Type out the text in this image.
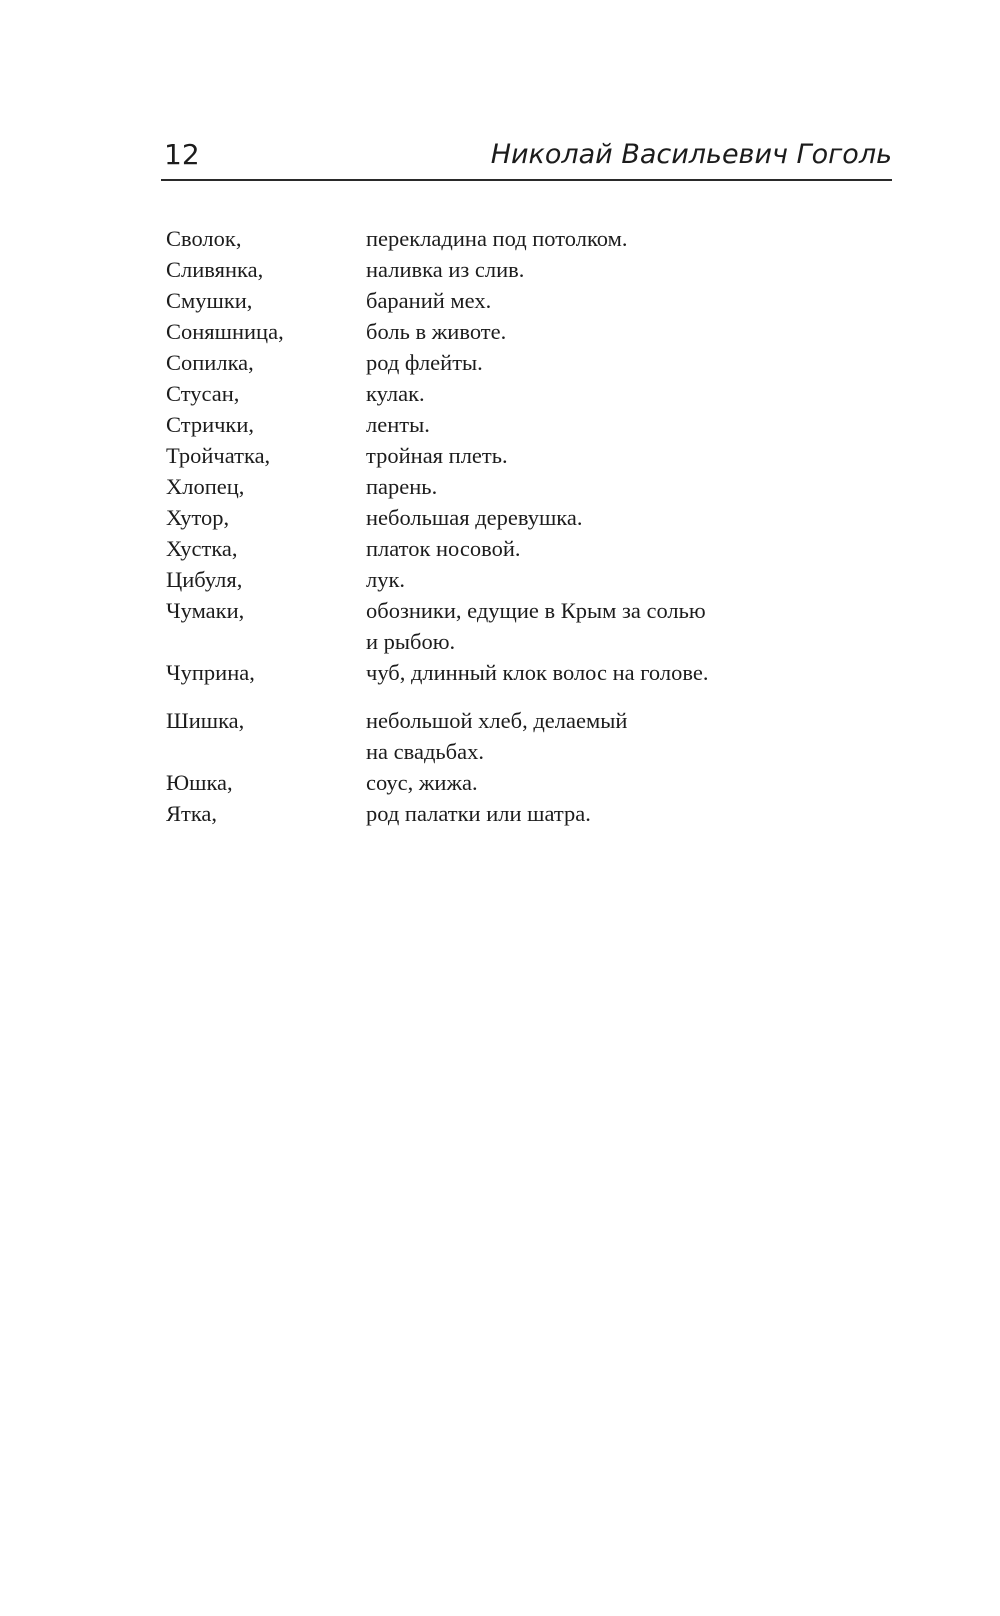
12	Николай Васильевич Гоголь
Сволок,	перекладина под потолком.
Сливянка,	наливка из слив.
Смушки,	бараний мех.
Соняшница,	боль в животе.
Сопилка,	род флейты.
Стусан,	кулак.
Стрички,	ленты.
Тройчатка,	тройная плеть.
Хлопец,	парень.
Хутор,	небольшая деревушка.
Хустка,	платок носовой.
Цибуля,	лук.
Чумаки,	обозники, едущие в Крым за солью
и рыбою.
Чуприна,	чуб, длинный клок волос на голове.
Шишка,	небольшой хлеб, делаемый
на свадьбах.
Юшка,	соус, жижа.
Ятка,	род палатки или шатра.
